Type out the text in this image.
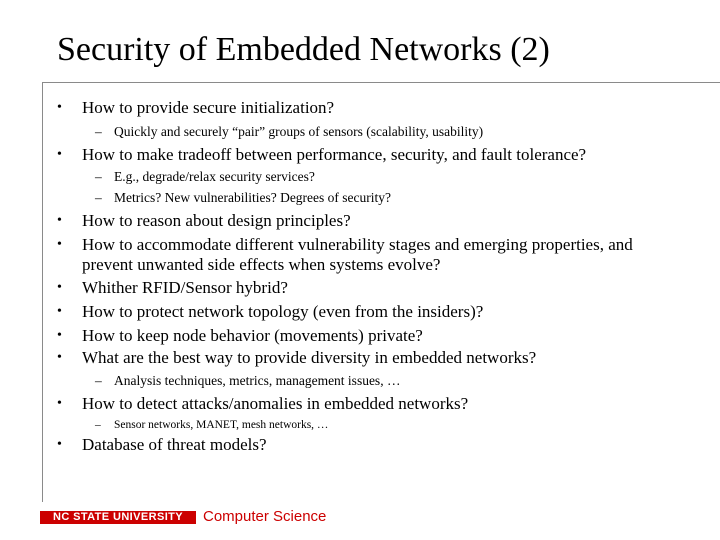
Security of Embedded Networks (2)
•	How to provide secure initialization?
– Quickly and securely “pair” groups of sensors (scalability, usability)
•	How to make tradeoff between performance, security, and fault tolerance?
– E.g., degrade/relax security services?
– Metrics? New vulnerabilities? Degrees of security?
•	How to reason about design principles?
•	How to accommodate different vulnerability stages and emerging properties, and
prevent unwanted side effects when systems evolve?
•	Whither RFID/Sensor hybrid?
•	How to protect network topology (even from the insiders)?
•	How to keep node behavior (movements) private?
•	What are the best way to provide diversity in embedded networks?
– Analysis techniques, metrics, management issues, …
•	How to detect attacks/anomalies in embedded networks?
– Sensor networks, MANET, mesh networks, …
•	Database of threat models?
NC STATE UNIVERSITY	Computer Science
